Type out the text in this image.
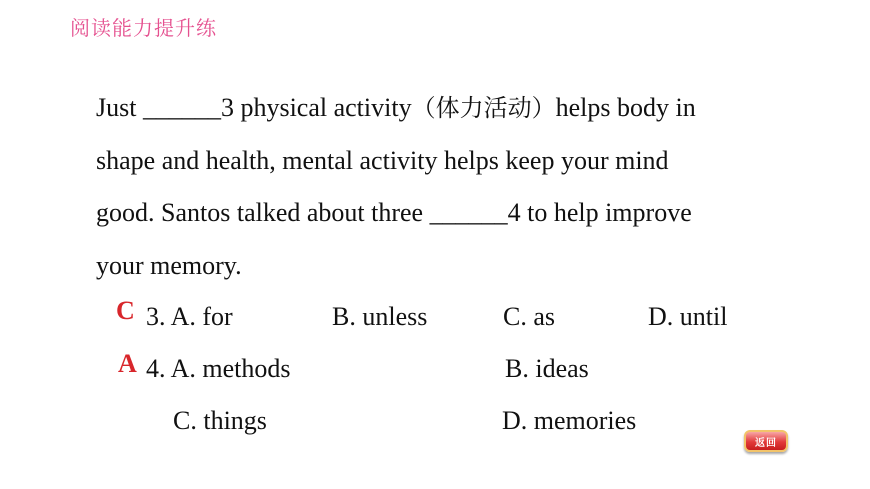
阅读能力提升练
Just ______3 physical activity（体力活动）helps body in
shape and health, mental activity helps keep your mind
good. Santos talked about three ______4 to help improve
your memory.
C 3. A. for	B. unless	C. as	D. until
A 4. A. methods	B. ideas
C. things	D. memories
返回
